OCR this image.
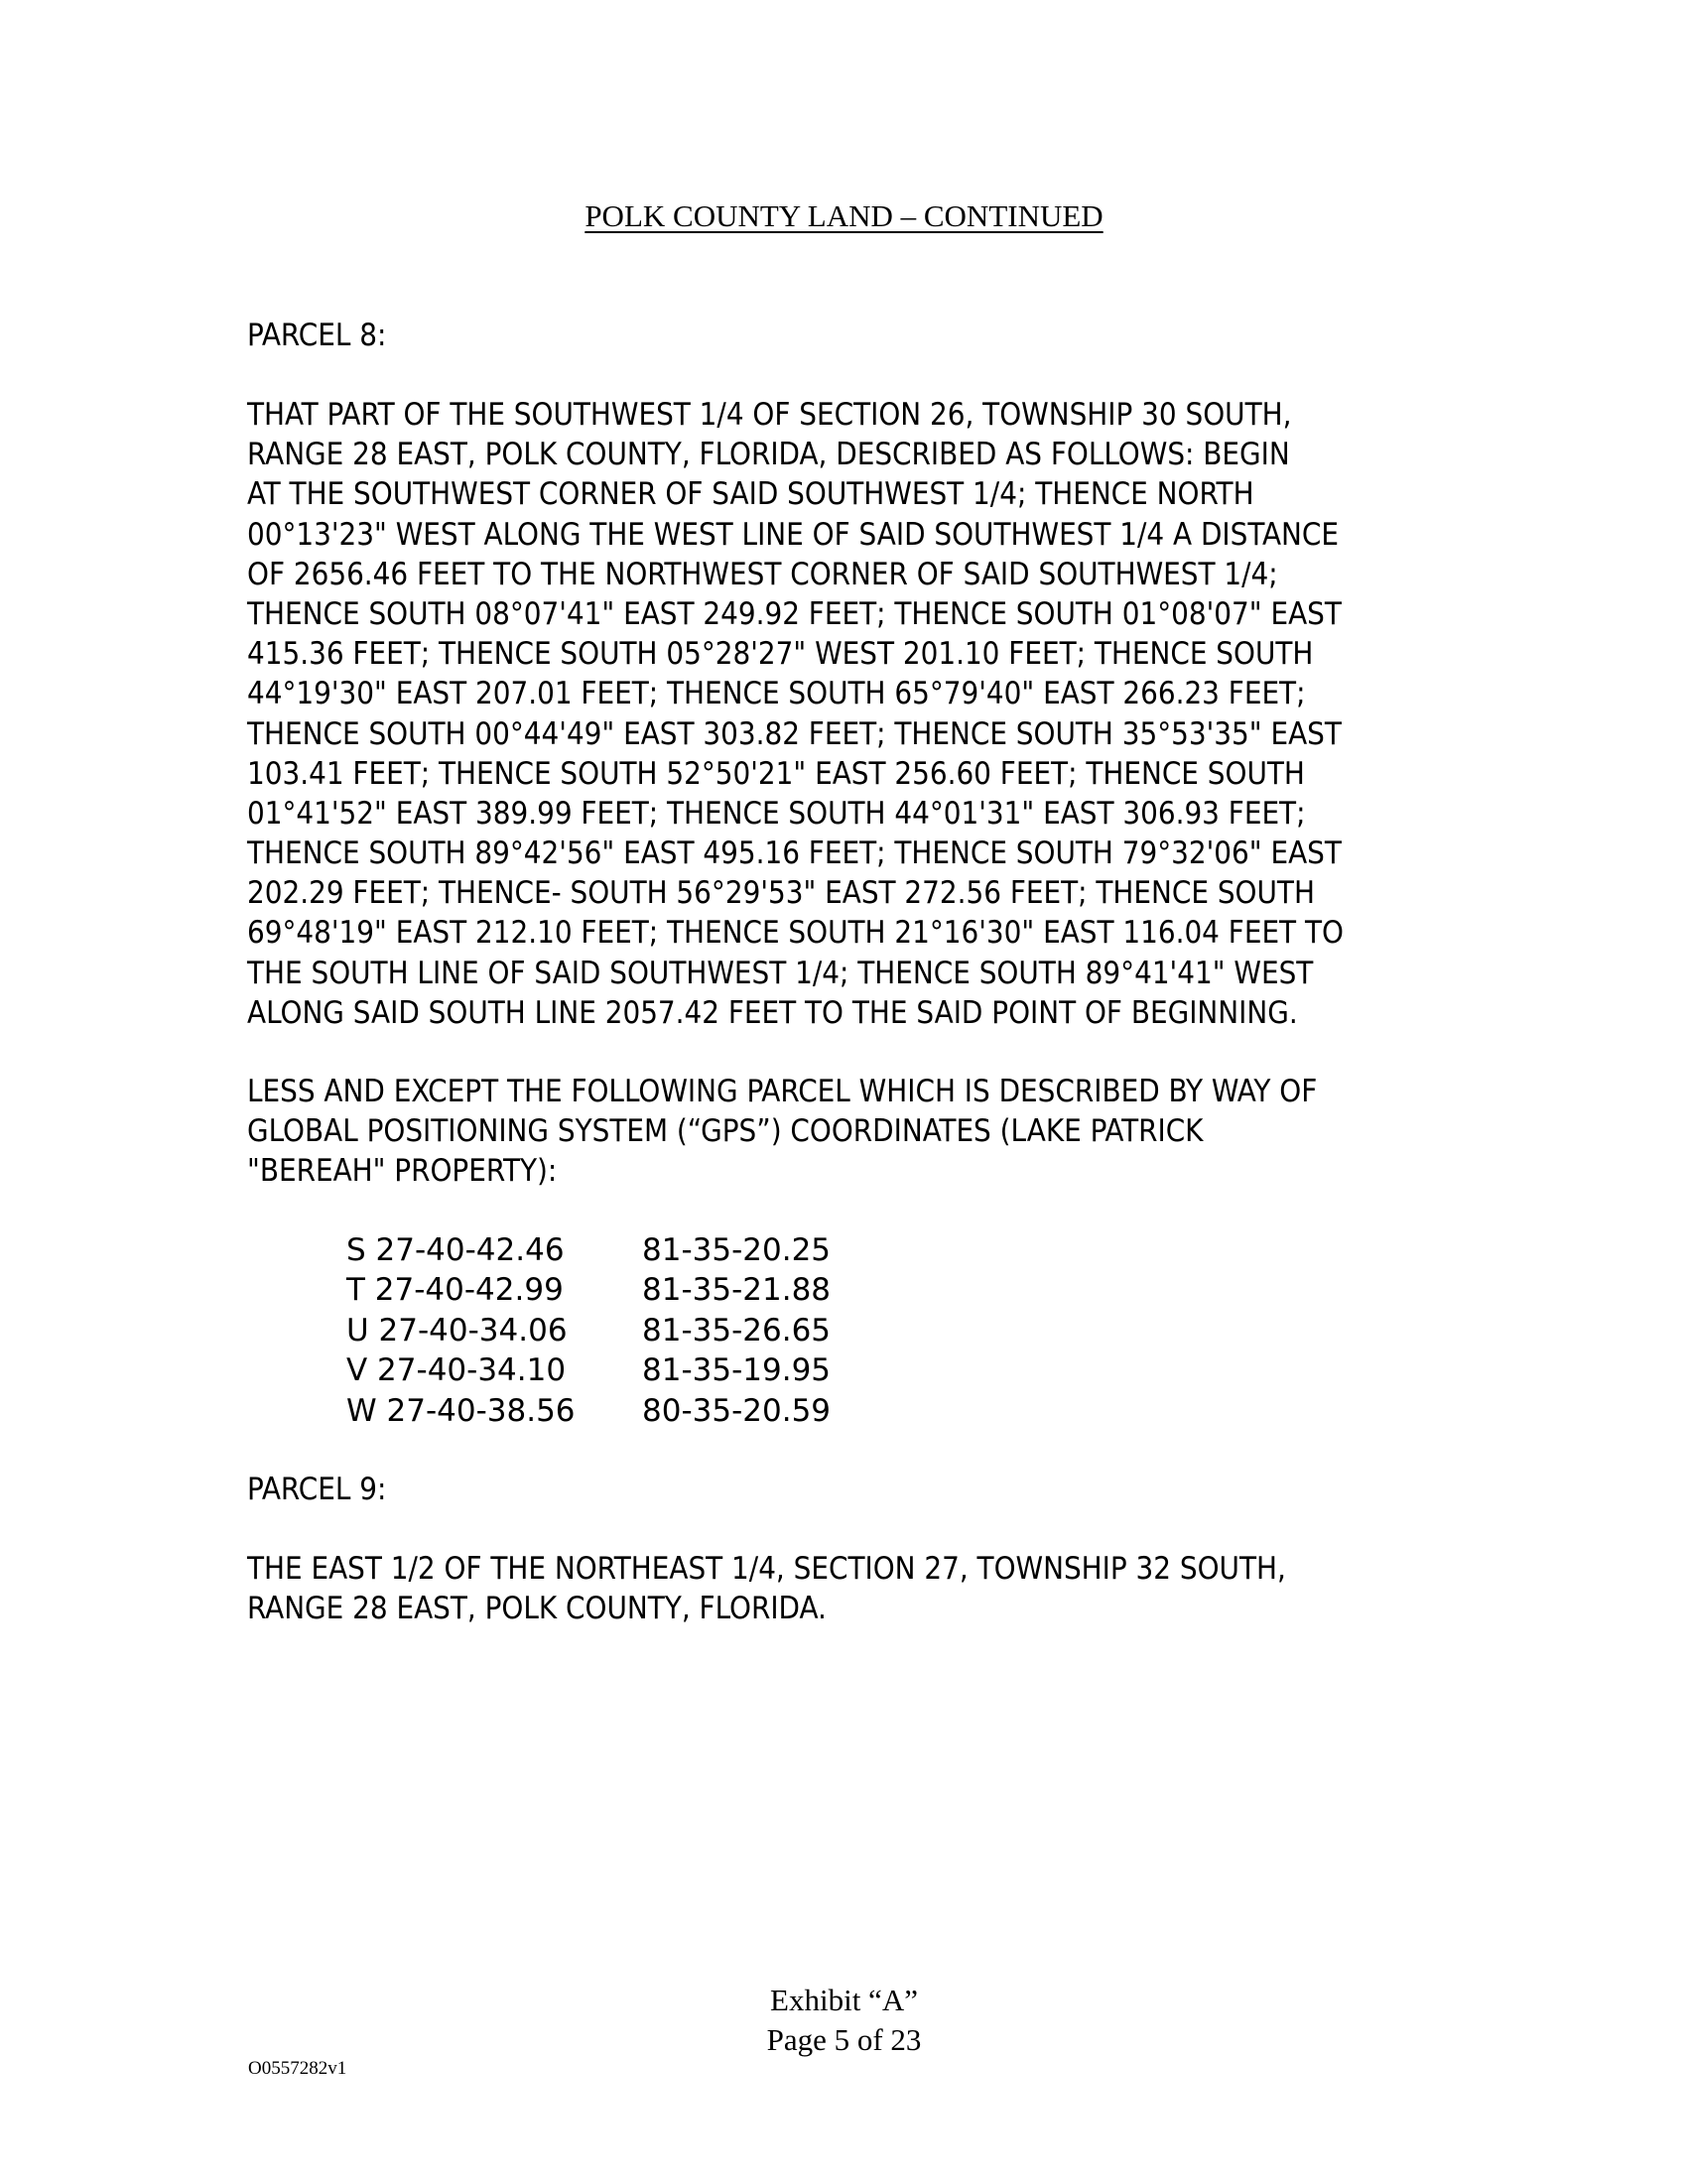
POLK COUNTY LAND – CONTINUED
PARCEL 8:
THAT PART OF THE SOUTHWEST 1/4 OF SECTION 26, TOWNSHIP 30 SOUTH,
RANGE 28 EAST, POLK COUNTY, FLORIDA, DESCRIBED AS FOLLOWS: BEGIN
AT THE SOUTHWEST CORNER OF SAID SOUTHWEST 1/4; THENCE NORTH
00°13'23" WEST ALONG THE WEST LINE OF SAID SOUTHWEST 1/4 A DISTANCE
OF 2656.46 FEET TO THE NORTHWEST CORNER OF SAID SOUTHWEST 1/4;
THENCE SOUTH 08°07'41" EAST 249.92 FEET; THENCE SOUTH 01°08'07" EAST
415.36 FEET; THENCE SOUTH 05°28'27" WEST 201.10 FEET; THENCE SOUTH
44°19'30" EAST 207.01 FEET; THENCE SOUTH 65°79'40" EAST 266.23 FEET;
THENCE SOUTH 00°44'49" EAST 303.82 FEET; THENCE SOUTH 35°53'35" EAST
103.41 FEET; THENCE SOUTH 52°50'21" EAST 256.60 FEET; THENCE SOUTH
01°41'52" EAST 389.99 FEET; THENCE SOUTH 44°01'31" EAST 306.93 FEET;
THENCE SOUTH 89°42'56" EAST 495.16 FEET; THENCE SOUTH 79°32'06" EAST
202.29 FEET; THENCE- SOUTH 56°29'53" EAST 272.56 FEET; THENCE SOUTH
69°48'19" EAST 212.10 FEET; THENCE SOUTH 21°16'30" EAST 116.04 FEET TO
THE SOUTH LINE OF SAID SOUTHWEST 1/4; THENCE SOUTH 89°41'41" WEST
ALONG SAID SOUTH LINE 2057.42 FEET TO THE SAID POINT OF BEGINNING.
LESS AND EXCEPT THE FOLLOWING PARCEL WHICH IS DESCRIBED BY WAY OF
GLOBAL POSITIONING SYSTEM (“GPS”) COORDINATES (LAKE PATRICK
"BEREAH" PROPERTY):
S 27-40-42.46	81-35-20.25
T 27-40-42.99	81-35-21.88
U 27-40-34.06	81-35-26.65
V 27-40-34.10	81-35-19.95
W 27-40-38.56	80-35-20.59
PARCEL 9:
THE EAST 1/2 OF THE NORTHEAST 1/4, SECTION 27, TOWNSHIP 32 SOUTH,
RANGE 28 EAST, POLK COUNTY, FLORIDA.
Exhibit “A”
Page 5 of 23
O0557282v1
